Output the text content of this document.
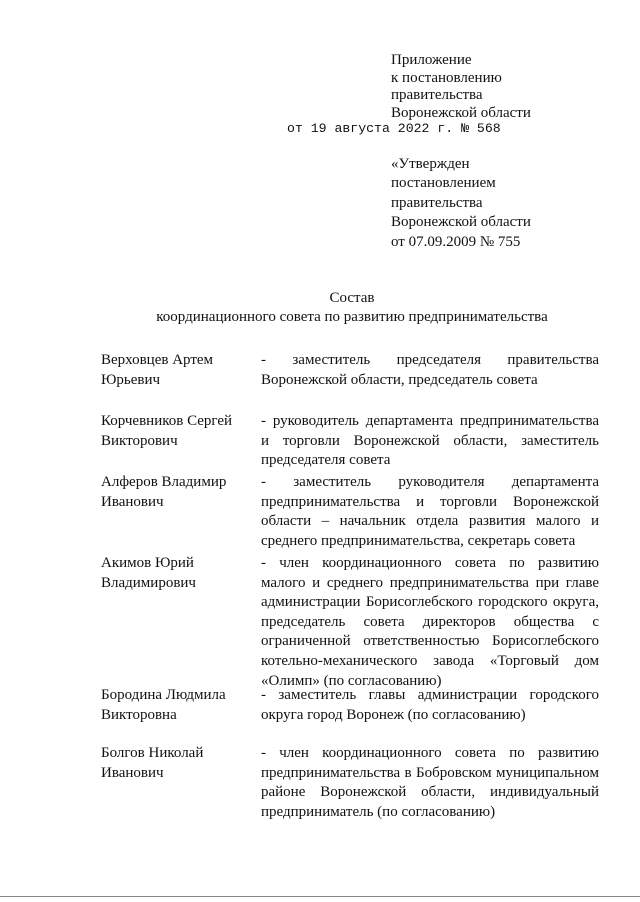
Приложение
к постановлению
правительства
Воронежской области
от 19 августа 2022 г. № 568
«Утвержден
постановлением
правительства
Воронежской области
от 07.09.2009 № 755
Состав
координационного совета по развитию предпринимательства
Верховцев Артем Юрьевич
- заместитель председателя правительства Воронежской области, председатель совета
Корчевников Сергей Викторович
- руководитель департамента предпринимательства и торговли Воронежской области, заместитель председателя совета
Алферов Владимир Иванович
- заместитель руководителя департамента предпринимательства и торговли Воронежской области – начальник отдела развития малого и среднего предпринимательства, секретарь совета
Акимов Юрий Владимирович
- член координационного совета по развитию малого и среднего предпринимательства при главе администрации Борисоглебского городского округа, председатель совета директоров общества с ограниченной ответственностью Борисоглебского котельно-механического завода «Торговый дом «Олимп» (по согласованию)
Бородина Людмила Викторовна
- заместитель главы администрации городского округа город Воронеж (по согласованию)
Болгов Николай Иванович
- член координационного совета по развитию предпринимательства в Бобровском муниципальном районе Воронежской области, индивидуальный предприниматель (по согласованию)
